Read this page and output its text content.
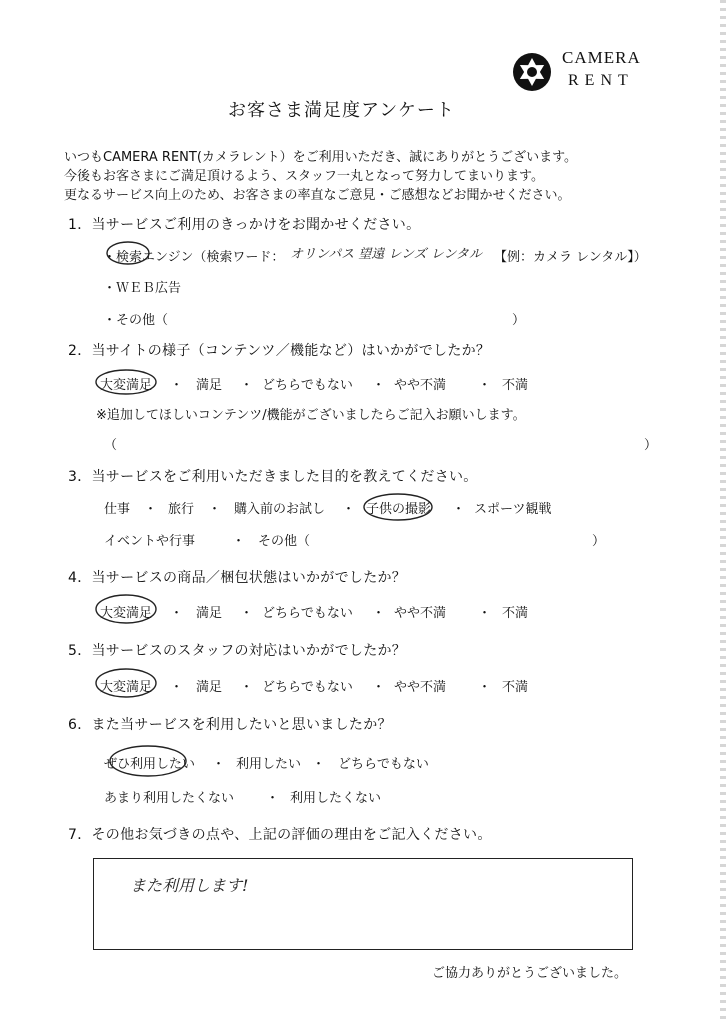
CAMERA
RENT
お客さま満足度アンケート
いつもCAMERA RENT(カメラレント）をご利用いただき、誠にありがとうございます。
今後もお客さまにご満足頂けるよう、スタッフ一丸となって努力してまいります。
更なるサービス向上のため、お客さまの率直なご意見・ご感想などお聞かせください。
1．当サービスご利用のきっかけをお聞かせください。
・検索エンジン（検索ワード： オリンパス 望遠 レンズ レンタル 【例：カメラ レンタル】）
・ＷＥＢ広告
・その他（	）
2．当サイトの様子（コンテンツ／機能など）はいかがでしたか？
大変満足 ・ 満足 ・ どちらでもない ・ やや不満 ・ 不満
※追加してほしいコンテンツ/機能がございましたらご記入お願いします。
（	）
3．当サービスをご利用いただきました目的を教えてください。
仕事 ・ 旅行 ・ 購入前のお試し ・ 子供の撮影 ・ スポーツ観戦
イベントや行事	・ その他（	）
4．当サービスの商品／梱包状態はいかがでしたか？
大変満足 ・ 満足 ・ どちらでもない ・ やや不満 ・ 不満
5．当サービスのスタッフの対応はいかがでしたか？
大変満足 ・ 満足 ・ どちらでもない ・ やや不満 ・ 不満
6．また当サービスを利用したいと思いましたか？
ぜひ利用したい ・ 利用したい ・ どちらでもない
あまり利用したくない ・ 利用したくない
7．その他お気づきの点や、上記の評価の理由をご記入ください。
また利用します!
ご協力ありがとうございました。
